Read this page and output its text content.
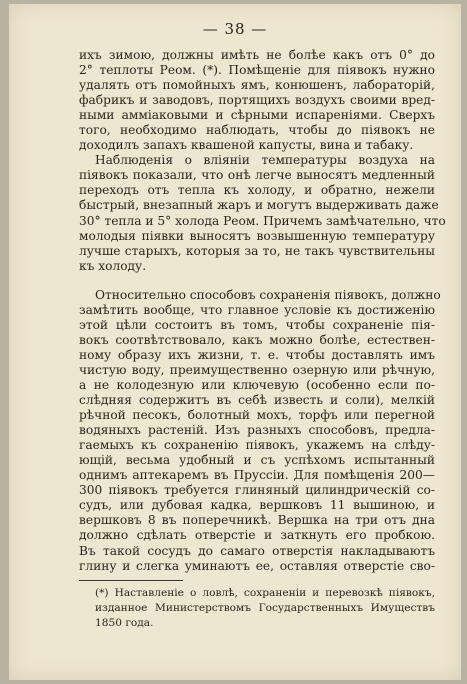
— 38 —
ихъ зимою, должны имѣть не болѣе какъ отъ 0° до
2° теплоты Реом. (*). Помѣщеніе для піявокъ нужно
удалять отъ помойныхъ ямъ, конюшенъ, лабораторій,
фабрикъ и заводовъ, портящихъ воздухъ своими вред-
ными аммiаковыми и сѣрными испареніями. Сверхъ
того, необходимо наблюдать, чтобы до піявокъ не
доходилъ запахъ квашеной капусты, вина и табаку.
Наблюденія о вліяніи температуры воздуха на
піявокъ показали, что онѣ легче выносятъ медленный
переходъ отъ тепла къ холоду, и обратно, нежели
быстрый, внезапный жаръ и могутъ выдерживать даже
30° тепла и 5° холода Реом. Причемъ замѣчательно, что
молодыя піявки выносятъ возвышенную температуру
лучше старыхъ, которыя за то, не такъ чувствительны
къ холоду.
Относительно способовъ сохраненія піявокъ, должно
замѣтить вообще, что главное условіе къ достиженію
этой цѣли состоитъ въ томъ, чтобы сохраненіе пія-
вокъ соотвѣтствовало, какъ можно болѣе, естествен-
ному образу ихъ жизни, т. е. чтобы доставлять имъ
чистую воду, преимущественно озерную или рѣчную,
а не колодезную или ключевую (особенно если по-
слѣдняя содержитъ въ себѣ известь и соли), мелкій
рѣчной песокъ, болотный мохъ, торфъ или перегной
водяныхъ растеній. Изъ разныхъ способовъ, предла-
гаемыхъ къ сохраненію піявокъ, укажемъ на слѣду-
ющій, весьма удобный и съ успѣхомъ испытанный
однимъ аптекаремъ въ Пруссіи. Для помѣщенія 200—
300 піявокъ требуется глиняный цилиндрическій со-
судъ, или дубовая кадка, вершковъ 11 вышиною, и
вершковъ 8 въ поперечникѣ. Вершка на три отъ дна
должно сдѣлать отверстіе и заткнуть его пробкою.
Въ такой сосудъ до самаго отверстія накладываютъ
глину и слегка уминаютъ ее, оставляя отверстіе сво-
(*) Наставленіе о ловлѣ, сохраненіи и перевозкѣ піявокъ,
изданное Министерствомъ Государственныхъ Имуществъ
1850 года.
